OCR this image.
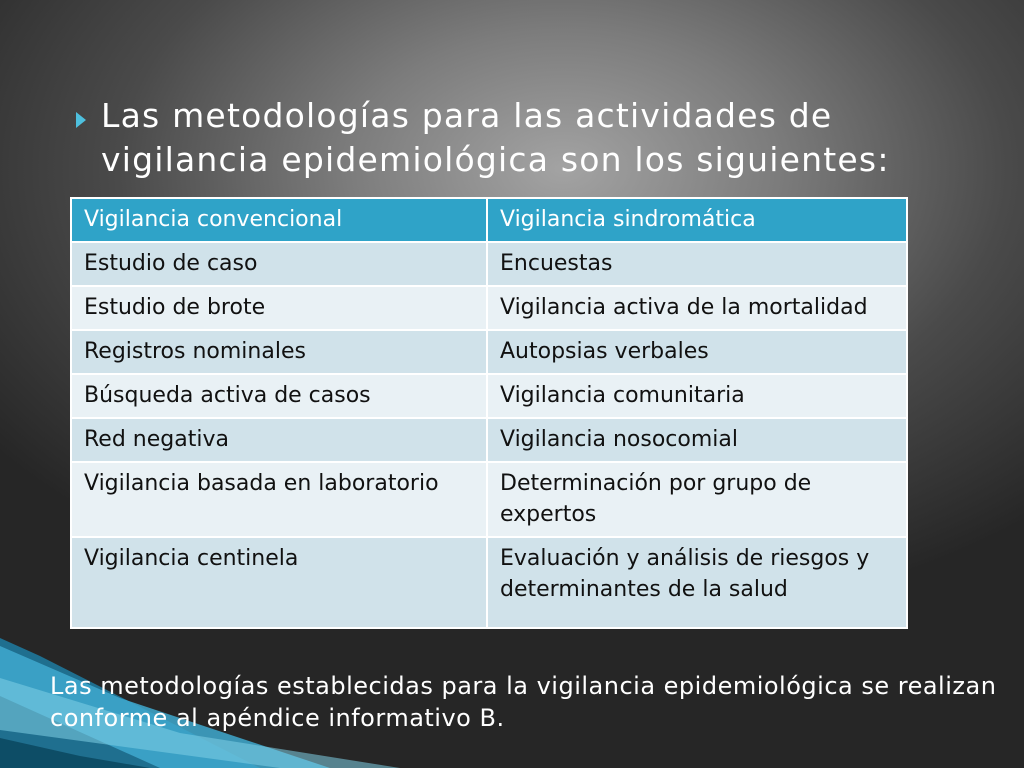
Las metodologías para las actividades de vigilancia epidemiológica son los siguientes:
Vigilancia convencional	Vigilancia sindromática
Estudio de caso	Encuestas
Estudio de brote	Vigilancia activa de la mortalidad
Registros nominales	Autopsias verbales
Búsqueda activa de casos	Vigilancia comunitaria
Red negativa	Vigilancia nosocomial
Vigilancia basada en laboratorio	Determinación por grupo de expertos
Vigilancia centinela	Evaluación y análisis de riesgos y determinantes de la salud

Las metodologías establecidas para la vigilancia epidemiológica se realizan conforme al apéndice informativo B.
